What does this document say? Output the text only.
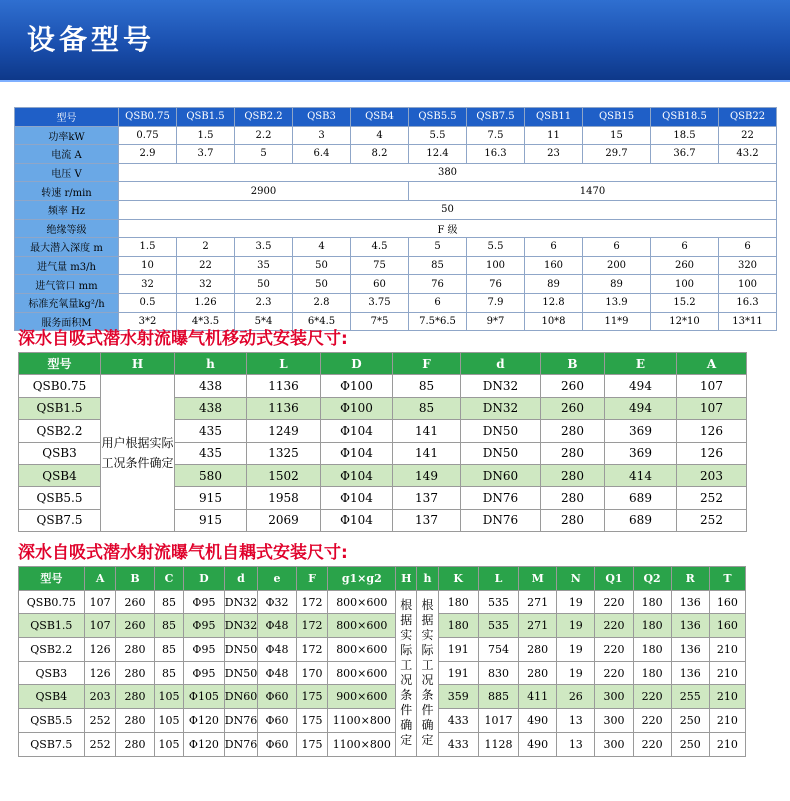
设备型号
型号	QSB0.75	QSB1.5	QSB2.2	QSB3	QSB4	QSB5.5	QSB7.5	QSB11	QSB15	QSB18.5	QSB22
功率kW	0.75	1.5	2.2	3	4	5.5	7.5	11	15	18.5	22
电流 A	2.9	3.7	5	6.4	8.2	12.4	16.3	23	29.7	36.7	43.2
电压 V	380										
转速 r/min	2900					1470					
频率 Hz	50										
绝缘等级	F 级										
最大潜入深度 m	1.5	2	3.5	4	4.5	5	5.5	6	6	6	6
进气量 m3/h	10	22	35	50	75	85	100	160	200	260	320
进气管口 mm	32	32	50	50	60	76	76	89	89	100	100
标准充氧量kg²/h	0.5	1.26	2.3	2.8	3.75	6	7.9	12.8	13.9	15.2	16.3
服务面积M	3*2	4*3.5	5*4	6*4.5	7*5	7.5*6.5	9*7	10*8	11*9	12*10	13*11
深水自吸式潜水射流曝气机移动式安装尺寸:
型号	H	h	L	D	F	d	B	E	A
QSB0.75	用户根据实际工况条件确定	438	1136	Φ100	85	DN32	260	494	107
QSB1.5		438	1136	Φ100	85	DN32	260	494	107
QSB2.2		435	1249	Φ104	141	DN50	280	369	126
QSB3		435	1325	Φ104	141	DN50	280	369	126
QSB4		580	1502	Φ104	149	DN60	280	414	203
QSB5.5		915	1958	Φ104	137	DN76	280	689	252
QSB7.5		915	2069	Φ104	137	DN76	280	689	252
深水自吸式潜水射流曝气机自耦式安装尺寸:
型号	A	B	C	D	d	e	F	g1×g2	H	h	K	L	M	N	Q1	Q2	R	T
QSB0.75	107	260	85	Φ95	DN32	Φ32	172	800×600	根据实际工况条件确定	根据实际工况条件确定	180	535	271	19	220	180	136	160
QSB1.5	107	260	85	Φ95	DN32	Φ48	172	800×600			180	535	271	19	220	180	136	160
QSB2.2	126	280	85	Φ95	DN50	Φ48	172	800×600			191	754	280	19	220	180	136	210
QSB3	126	280	85	Φ95	DN50	Φ48	170	800×600			191	830	280	19	220	180	136	210
QSB4	203	280	105	Φ105	DN60	Φ60	175	900×600			359	885	411	26	300	220	255	210
QSB5.5	252	280	105	Φ120	DN76	Φ60	175	1100×800			433	1017	490	13	300	220	250	210
QSB7.5	252	280	105	Φ120	DN76	Φ60	175	1100×800			433	1128	490	13	300	220	250	210
